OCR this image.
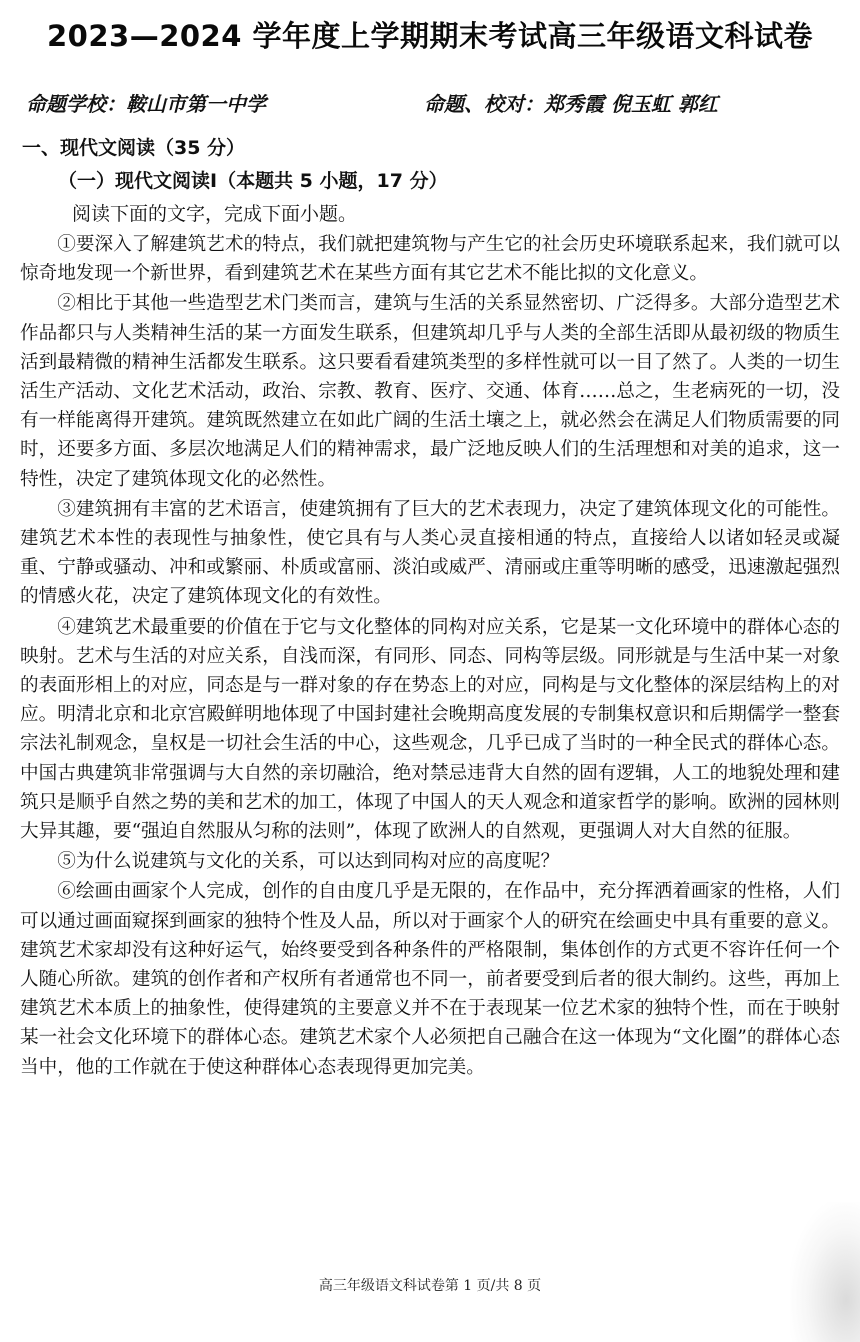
2023—2024 学年度上学期期末考试高三年级语文科试卷
命题学校：鞍山市第一中学	命题、校对：郑秀霞 倪玉虹 郭红
一、现代文阅读（35 分）
（一）现代文阅读Ⅰ（本题共 5 小题，17 分）
阅读下面的文字，完成下面小题。

①要深入了解建筑艺术的特点，我们就把建筑物与产生它的社会历史环境联系起来，我们就可以惊奇地发现一个新世界，看到建筑艺术在某些方面有其它艺术不能比拟的文化意义。

②相比于其他一些造型艺术门类而言，建筑与生活的关系显然密切、广泛得多。大部分造型艺术作品都只与人类精神生活的某一方面发生联系，但建筑却几乎与人类的全部生活即从最初级的物质生活到最精微的精神生活都发生联系。这只要看看建筑类型的多样性就可以一目了然了。人类的一切生活生产活动、文化艺术活动，政治、宗教、教育、医疗、交通、体育……总之，生老病死的一切，没有一样能离得开建筑。建筑既然建立在如此广阔的生活土壤之上，就必然会在满足人们物质需要的同时，还要多方面、多层次地满足人们的精神需求，最广泛地反映人们的生活理想和对美的追求，这一特性，决定了建筑体现文化的必然性。

③建筑拥有丰富的艺术语言，使建筑拥有了巨大的艺术表现力，决定了建筑体现文化的可能性。建筑艺术本性的表现性与抽象性，使它具有与人类心灵直接相通的特点，直接给人以诸如轻灵或凝重、宁静或骚动、冲和或繁丽、朴质或富丽、淡泊或威严、清丽或庄重等明晰的感受，迅速激起强烈的情感火花，决定了建筑体现文化的有效性。

④建筑艺术最重要的价值在于它与文化整体的同构对应关系，它是某一文化环境中的群体心态的映射。艺术与生活的对应关系，自浅而深，有同形、同态、同构等层级。同形就是与生活中某一对象的表面形相上的对应，同态是与一群对象的存在势态上的对应，同构是与文化整体的深层结构上的对应。明清北京和北京宫殿鲜明地体现了中国封建社会晚期高度发展的专制集权意识和后期儒学一整套宗法礼制观念，皇权是一切社会生活的中心，这些观念，几乎已成了当时的一种全民式的群体心态。中国古典建筑非常强调与大自然的亲切融洽，绝对禁忌违背大自然的固有逻辑，人工的地貌处理和建筑只是顺乎自然之势的美和艺术的加工，体现了中国人的天人观念和道家哲学的影响。欧洲的园林则大异其趣，要“强迫自然服从匀称的法则”，体现了欧洲人的自然观，更强调人对大自然的征服。

⑤为什么说建筑与文化的关系，可以达到同构对应的高度呢？

⑥绘画由画家个人完成，创作的自由度几乎是无限的，在作品中，充分挥洒着画家的性格，人们可以通过画面窥探到画家的独特个性及人品，所以对于画家个人的研究在绘画史中具有重要的意义。建筑艺术家却没有这种好运气，始终要受到各种条件的严格限制，集体创作的方式更不容许任何一个人随心所欲。建筑的创作者和产权所有者通常也不同一，前者要受到后者的很大制约。这些，再加上建筑艺术本质上的抽象性，使得建筑的主要意义并不在于表现某一位艺术家的独特个性，而在于映射某一社会文化环境下的群体心态。建筑艺术家个人必须把自己融合在这一体现为“文化圈”的群体心态当中，他的工作就在于使这种群体心态表现得更加完美。

高三年级语文科试卷第 1 页/共 8 页
